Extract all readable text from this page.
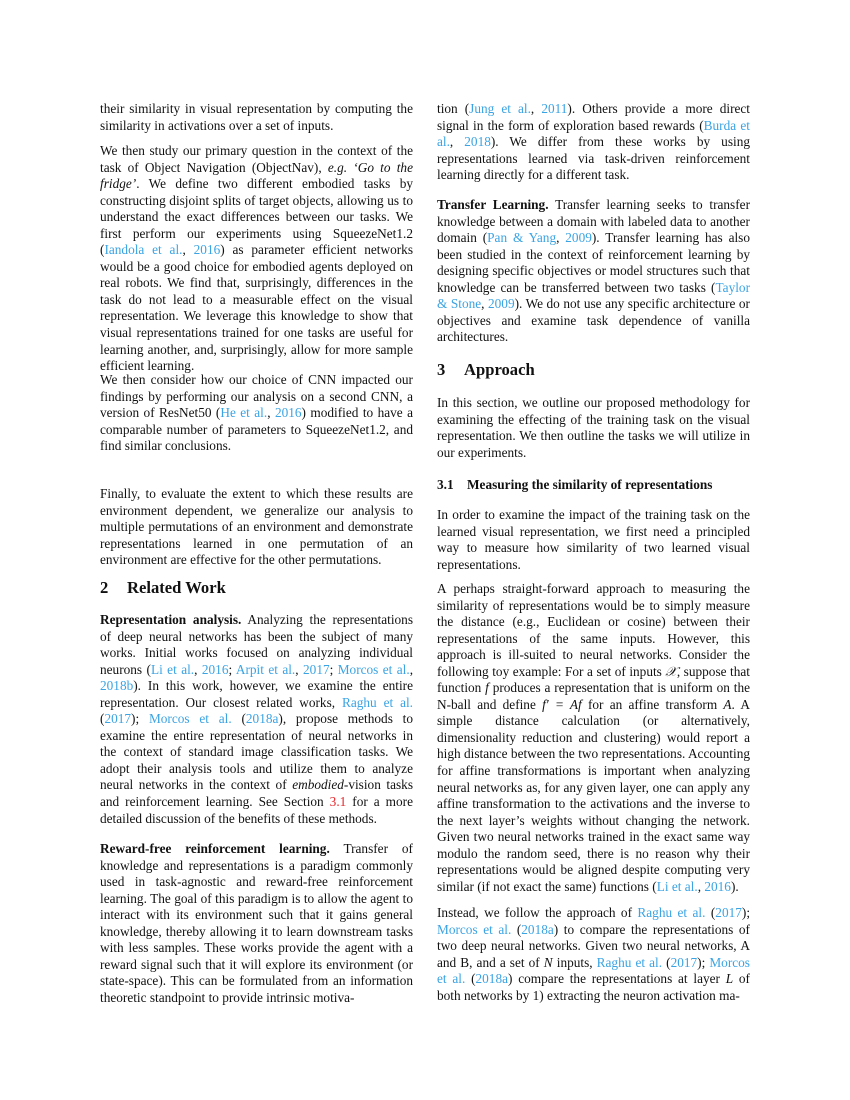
their similarity in visual representation by computing the similarity in activations over a set of inputs.

We then study our primary question in the context of the task of Object Navigation (ObjectNav), e.g. ‘Go to the fridge’. We define two different embodied tasks by constructing disjoint splits of target objects, allowing us to understand the exact differences between our tasks. We first perform our experiments using SqueezeNet1.2 (Iandola et al., 2016) as parameter efficient networks would be a good choice for embodied agents deployed on real robots. We find that, surprisingly, differences in the task do not lead to a measurable effect on the visual representation. We leverage this knowledge to show that visual representations trained for one tasks are useful for learning another, and, surprisingly, allow for more sample efficient learning.

We then consider how our choice of CNN impacted our findings by performing our analysis on a second CNN, a version of ResNet50 (He et al., 2016) modified to have a comparable number of parameters to SqueezeNet1.2, and find similar conclusions.

Finally, to evaluate the extent to which these results are environment dependent, we generalize our analysis to multiple permutations of an environment and demonstrate representations learned in one permutation of an environment are effective for the other permutations.

2 Related Work

Representation analysis. Analyzing the representations of deep neural networks has been the subject of many works. Initial works focused on analyzing individual neurons (Li et al., 2016; Arpit et al., 2017; Morcos et al., 2018b). In this work, however, we examine the entire representation. Our closest related works, Raghu et al. (2017); Morcos et al. (2018a), propose methods to examine the entire representation of neural networks in the context of standard image classification tasks. We adopt their analysis tools and utilize them to analyze neural networks in the context of embodied-vision tasks and reinforcement learning. See Section 3.1 for a more detailed discussion of the benefits of these methods.

Reward-free reinforcement learning. Transfer of knowledge and representations is a paradigm commonly used in task-agnostic and reward-free reinforcement learning. The goal of this paradigm is to allow the agent to interact with its environment such that it gains general knowledge, thereby allowing it to learn downstream tasks with less samples. These works provide the agent with a reward signal such that it will explore its environment (or state-space). This can be formulated from an information theoretic standpoint to provide intrinsic motiva-

tion (Jung et al., 2011). Others provide a more direct signal in the form of exploration based rewards (Burda et al., 2018). We differ from these works by using representations learned via task-driven reinforcement learning directly for a different task.

Transfer Learning. Transfer learning seeks to transfer knowledge between a domain with labeled data to another domain (Pan & Yang, 2009). Transfer learning has also been studied in the context of reinforcement learning by designing specific objectives or model structures such that knowledge can be transferred between two tasks (Taylor & Stone, 2009). We do not use any specific architecture or objectives and examine task dependence of vanilla architectures.

3 Approach

In this section, we outline our proposed methodology for examining the effecting of the training task on the visual representation. We then outline the tasks we will utilize in our experiments.

3.1 Measuring the similarity of representations

In order to examine the impact of the training task on the learned visual representation, we first need a principled way to measure how similarity of two learned visual representations.

A perhaps straight-forward approach to measuring the similarity of representations would be to simply measure the distance (e.g., Euclidean or cosine) between their representations of the same inputs. However, this approach is ill-suited to neural networks. Consider the following toy example: For a set of inputs 𝒳, suppose that function f produces a representation that is uniform on the N-ball and define f′ = Af for an affine transform A. A simple distance calculation (or alternatively, dimensionality reduction and clustering) would report a high distance between the two representations. Accounting for affine transformations is important when analyzing neural networks as, for any given layer, one can apply any affine transformation to the activations and the inverse to the next layer’s weights without changing the network. Given two neural networks trained in the exact same way modulo the random seed, there is no reason why their representations would be aligned despite computing very similar (if not exact the same) functions (Li et al., 2016).

Instead, we follow the approach of Raghu et al. (2017); Morcos et al. (2018a) to compare the representations of two deep neural networks. Given two neural networks, A and B, and a set of N inputs, Raghu et al. (2017); Morcos et al. (2018a) compare the representations at layer L of both networks by 1) extracting the neuron activation ma-
